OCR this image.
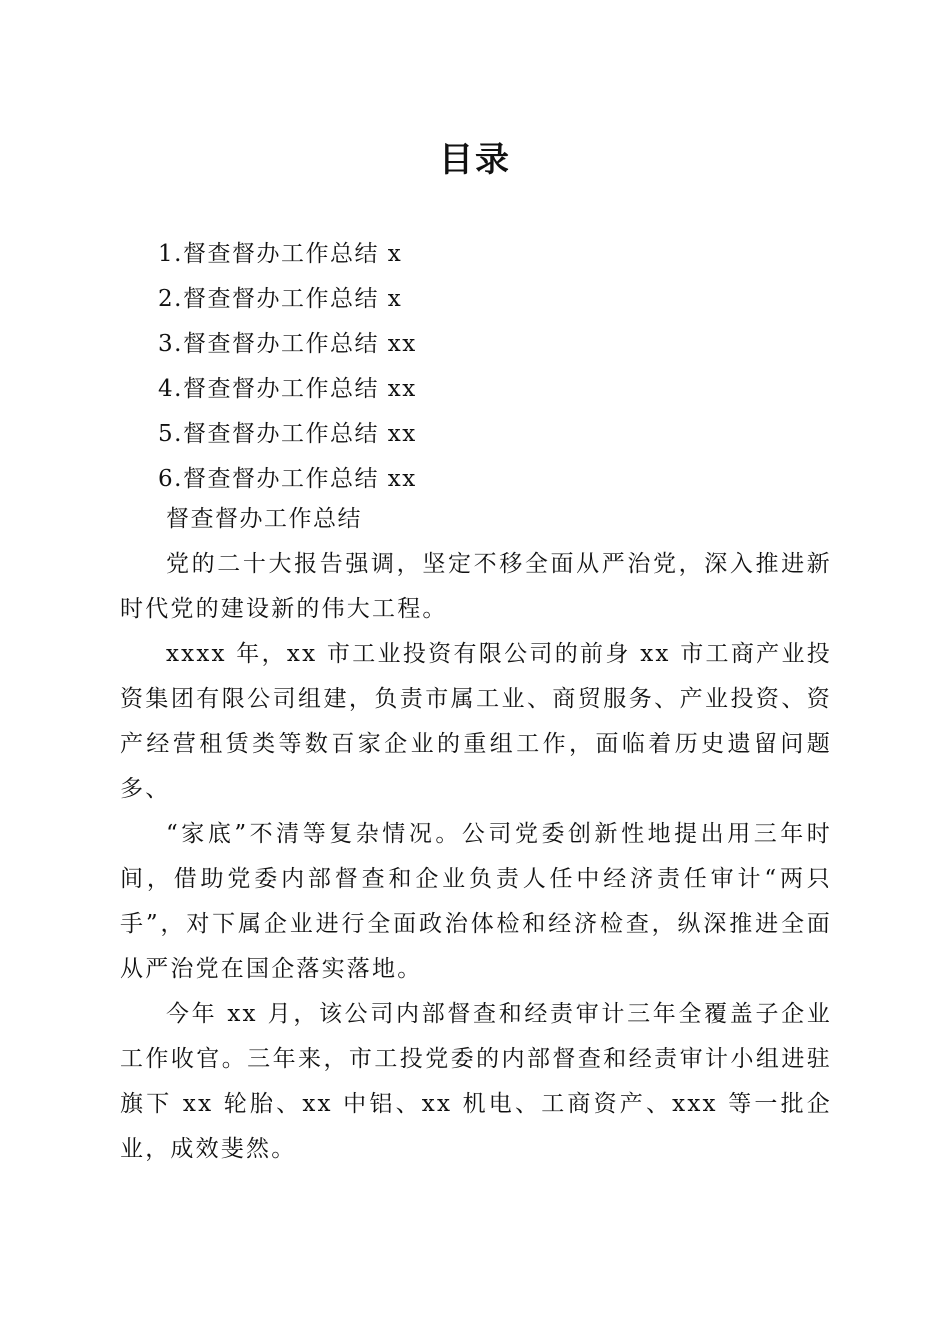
目录
1.督查督办工作总结 x
2.督查督办工作总结 x
3.督查督办工作总结 xx
4.督查督办工作总结 xx
5.督查督办工作总结 xx
6.督查督办工作总结 xx

督查督办工作总结

党的二十大报告强调，坚定不移全面从严治党，深入推进新时代党的建设新的伟大工程。

xxxx 年，xx 市工业投资有限公司的前身 xx 市工商产业投资集团有限公司组建，负责市属工业、商贸服务、产业投资、资产经营租赁类等数百家企业的重组工作，面临着历史遗留问题多、

“家底”不清等复杂情况。公司党委创新性地提出用三年时间，借助党委内部督查和企业负责人任中经济责任审计“两只手”，对下属企业进行全面政治体检和经济检查，纵深推进全面从严治党在国企落实落地。

今年 xx 月，该公司内部督查和经责审计三年全覆盖子企业工作收官。三年来，市工投党委的内部督查和经责审计小组进驻旗下 xx 轮胎、xx 中铝、xx 机电、工商资产、xxx 等一批企业，成效斐然。
